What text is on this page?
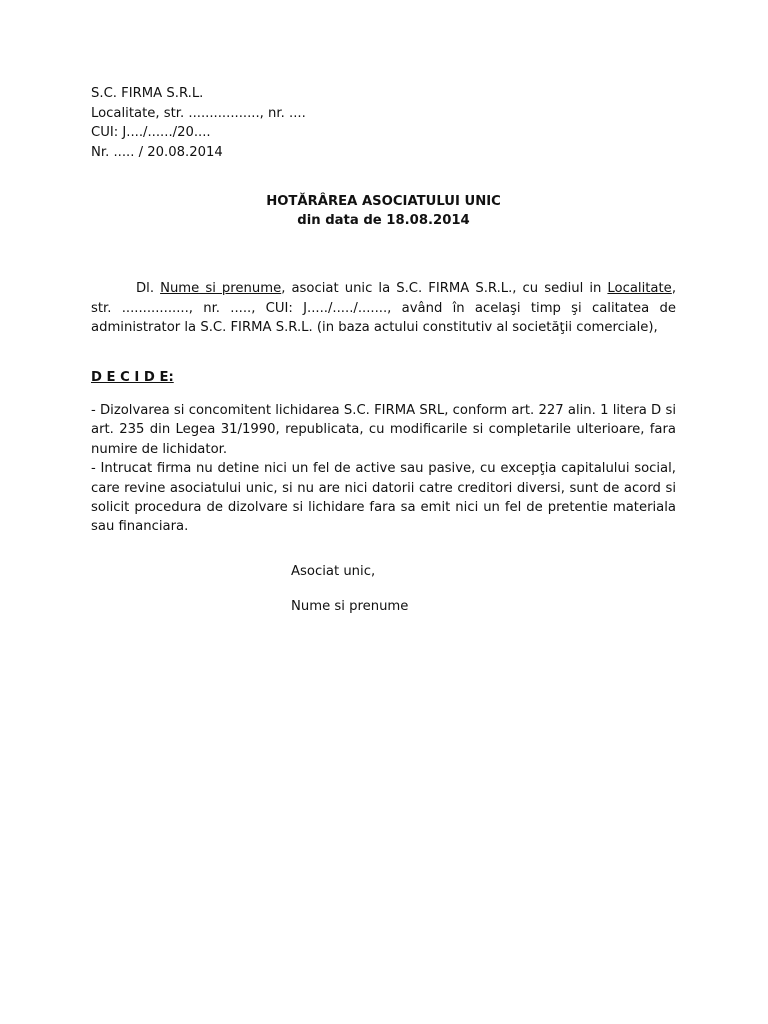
S.C. FIRMA S.R.L.
Localitate, str. ................., nr. ....
CUI: J..../....../20....
Nr. ..... / 20.08.2014
HOTĂRÂREA ASOCIATULUI UNIC
din data de 18.08.2014

Dl. Nume si prenume, asociat unic la S.C. FIRMA S.R.L., cu sediul in Localitate, str. ................, nr. ....., CUI: J...../...../......., având în acelaşi timp şi calitatea de administrator la S.C. FIRMA S.R.L. (in baza actului constitutiv al societăţii comerciale),

D E C I D E:

- Dizolvarea si concomitent lichidarea S.C. FIRMA SRL, conform art. 227 alin. 1 litera D si art. 235 din Legea 31/1990, republicata, cu modificarile si completarile ulterioare, fara numire de lichidator.

- Intrucat firma nu detine nici un fel de active sau pasive, cu excepţia capitalului social, care revine asociatului unic, si nu are nici datorii catre creditori diversi, sunt de acord si solicit procedura de dizolvare si lichidare fara sa emit nici un fel de pretentie materiala sau financiara.

Asociat unic,
Nume si prenume
